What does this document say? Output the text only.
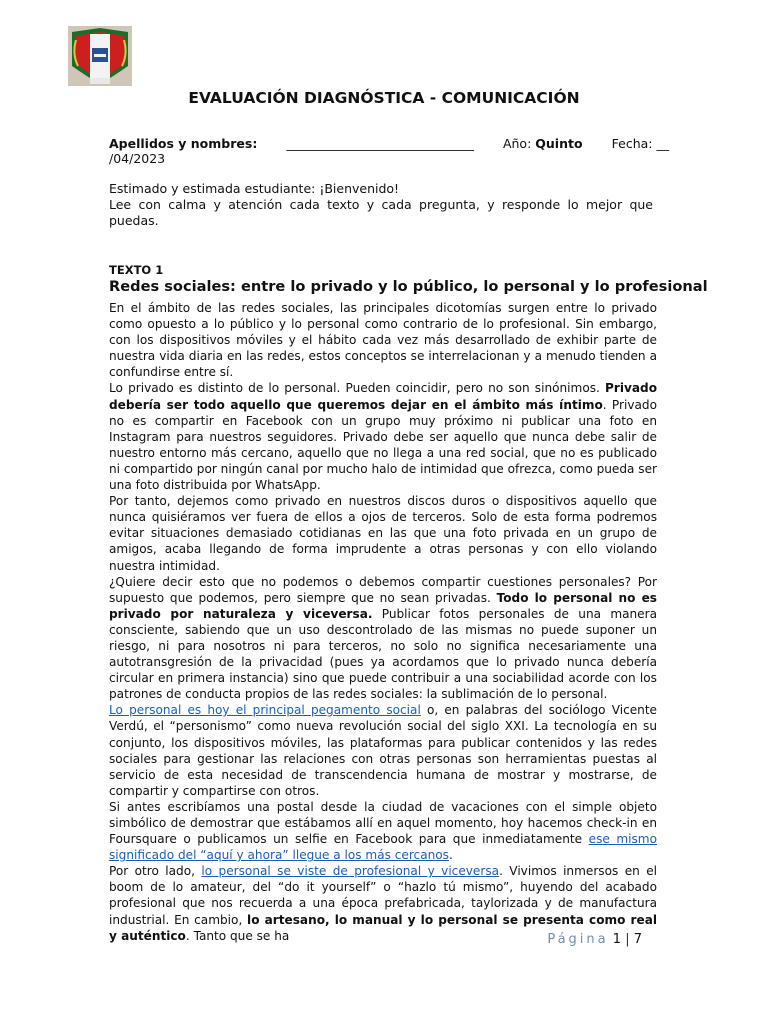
EVALUACIÓN DIAGNÓSTICA - COMUNICACIÓN
Apellidos y nombres: ______________________________ Año: Quinto Fecha: __
/04/2023

Estimado y estimada estudiante: ¡Bienvenido!

Lee con calma y atención cada texto y cada pregunta, y responde lo mejor que puedas.

TEXTO 1
Redes sociales: entre lo privado y lo público, lo personal y lo profesional

En el ámbito de las redes sociales, las principales dicotomías surgen entre lo privado como opuesto a lo público y lo personal como contrario de lo profesional. Sin embargo, con los dispositivos móviles y el hábito cada vez más desarrollado de exhibir parte de nuestra vida diaria en las redes, estos conceptos se interrelacionan y a menudo tienden a confundirse entre sí.

Lo privado es distinto de lo personal. Pueden coincidir, pero no son sinónimos. Privado debería ser todo aquello que queremos dejar en el ámbito más íntimo. Privado no es compartir en Facebook con un grupo muy próximo ni publicar una foto en Instagram para nuestros seguidores. Privado debe ser aquello que nunca debe salir de nuestro entorno más cercano, aquello que no llega a una red social, que no es publicado ni compartido por ningún canal por mucho halo de intimidad que ofrezca, como pueda ser una foto distribuida por WhatsApp.

Por tanto, dejemos como privado en nuestros discos duros o dispositivos aquello que nunca quisiéramos ver fuera de ellos a ojos de terceros. Solo de esta forma podremos evitar situaciones demasiado cotidianas en las que una foto privada en un grupo de amigos, acaba llegando de forma imprudente a otras personas y con ello violando nuestra intimidad.

¿Quiere decir esto que no podemos o debemos compartir cuestiones personales? Por supuesto que podemos, pero siempre que no sean privadas. Todo lo personal no es privado por naturaleza y viceversa. Publicar fotos personales de una manera consciente, sabiendo que un uso descontrolado de las mismas no puede suponer un riesgo, ni para nosotros ni para terceros, no solo no significa necesariamente una autotransgresión de la privacidad (pues ya acordamos que lo privado nunca debería circular en primera instancia) sino que puede contribuir a una sociabilidad acorde con los patrones de conducta propios de las redes sociales: la sublimación de lo personal.

Lo personal es hoy el principal pegamento social o, en palabras del sociólogo Vicente Verdú, el “personismo” como nueva revolución social del siglo XXI. La tecnología en su conjunto, los dispositivos móviles, las plataformas para publicar contenidos y las redes sociales para gestionar las relaciones con otras personas son herramientas puestas al servicio de esta necesidad de transcendencia humana de mostrar y mostrarse, de compartir y compartirse con otros.

Si antes escribíamos una postal desde la ciudad de vacaciones con el simple objeto simbólico de demostrar que estábamos allí en aquel momento, hoy hacemos check-in en Foursquare o publicamos un selfie en Facebook para que inmediatamente ese mismo significado del “aquí y ahora” llegue a los más cercanos.

Por otro lado, lo personal se viste de profesional y viceversa. Vivimos inmersos en el boom de lo amateur, del “do it yourself” o “hazlo tú mismo”, huyendo del acabado profesional que nos recuerda a una época prefabricada, taylorizada y de manufactura industrial. En cambio, lo artesano, lo manual y lo personal se presenta como real y auténtico. Tanto que se ha	Página 1 | 7
